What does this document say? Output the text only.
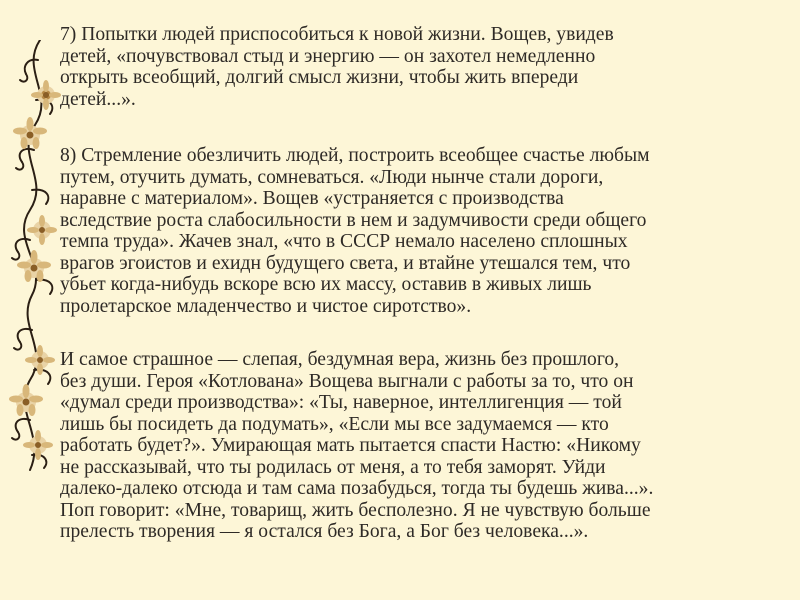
7) Попытки людей приспособиться к новой жизни. Вощев, увидев
детей, «почувствовал стыд и энергию — он захотел немедленно
открыть всеобщий, долгий смысл жизни, чтобы жить впереди
детей...».

8) Стремление обезличить людей, построить всеобщее счастье любым
путем, отучить думать, сомневаться. «Люди нынче стали дороги,
наравне с материалом». Вощев «устраняется с производства
вследствие роста слабосильности в нем и задумчивости среди общего
темпа труда». Жачев знал, «что в СССР немало населено сплошных
врагов эгоистов и ехидн будущего света, и втайне утешался тем, что
убьет когда-нибудь вскоре всю их массу, оставив в живых лишь
пролетарское младенчество и чистое сиротство».

И самое страшное — слепая, бездумная вера, жизнь без прошлого,
без души. Героя «Котлована» Вощева выгнали с работы за то, что он
«думал среди производства»: «Ты, наверное, интеллигенция — той
лишь бы посидеть да подумать», «Если мы все задумаемся — кто
работать будет?». Умирающая мать пытается спасти Настю: «Никому
не рассказывай, что ты родилась от меня, а то тебя заморят. Уйди
далеко-далеко отсюда и там сама позабудься, тогда ты будешь жива...».
Поп говорит: «Мне, товарищ, жить бесполезно. Я не чувствую больше
прелесть творения — я остался без Бога, а Бог без человека...».
